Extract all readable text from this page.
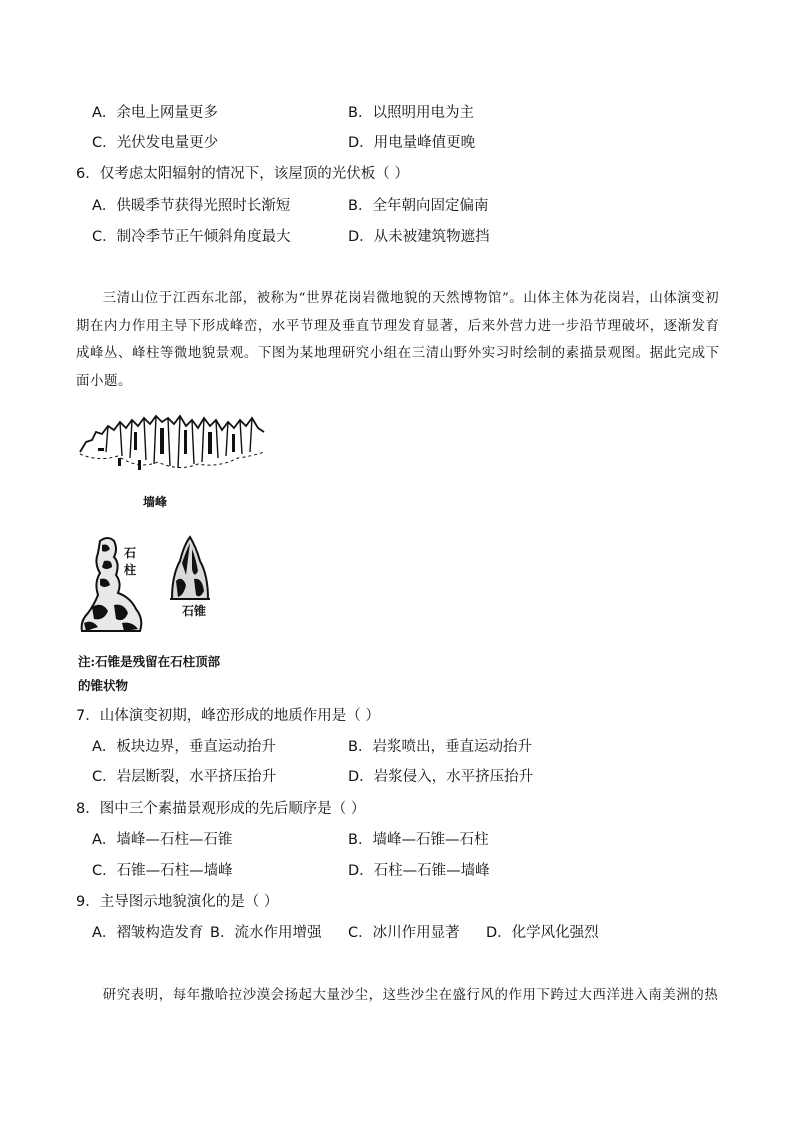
A．余电上网量更多	B．以照明用电为主
C．光伏发电量更少	D．用电量峰值更晚
6．仅考虑太阳辐射的情况下，该屋顶的光伏板（ ）
A．供暖季节获得光照时长渐短	B．全年朝向固定偏南
C．制冷季节正午倾斜角度最大	D．从未被建筑物遮挡

三清山位于江西东北部，被称为“世界花岗岩微地貌的天然博物馆”。山体主体为花岗岩，山体演变初期在内力作用主导下形成峰峦，水平节理及垂直节理发育显著，后来外营力进一步沿节理破坏，逐渐发育成峰丛、峰柱等微地貌景观。下图为某地理研究小组在三清山野外实习时绘制的素描景观图。据此完成下面小题。

墙峰
石
柱
石锥
注:石锥是残留在石柱顶部
的锥状物
7．山体演变初期，峰峦形成的地质作用是（ ）
A．板块边界，垂直运动抬升	B．岩浆喷出，垂直运动抬升
C．岩层断裂，水平挤压抬升	D．岩浆侵入，水平挤压抬升
8．图中三个素描景观形成的先后顺序是（ ）
A．墙峰—石柱—石锥	B．墙峰—石锥—石柱
C．石锥—石柱—墙峰	D．石柱—石锥—墙峰
9．主导图示地貌演化的是（ ）
A．褶皱构造发育 B．流水作用增强 C．冰川作用显著 D．化学风化强烈
研究表明，每年撒哈拉沙漠会扬起大量沙尘，这些沙尘在盛行风的作用下跨过大西洋进入南美洲的热
